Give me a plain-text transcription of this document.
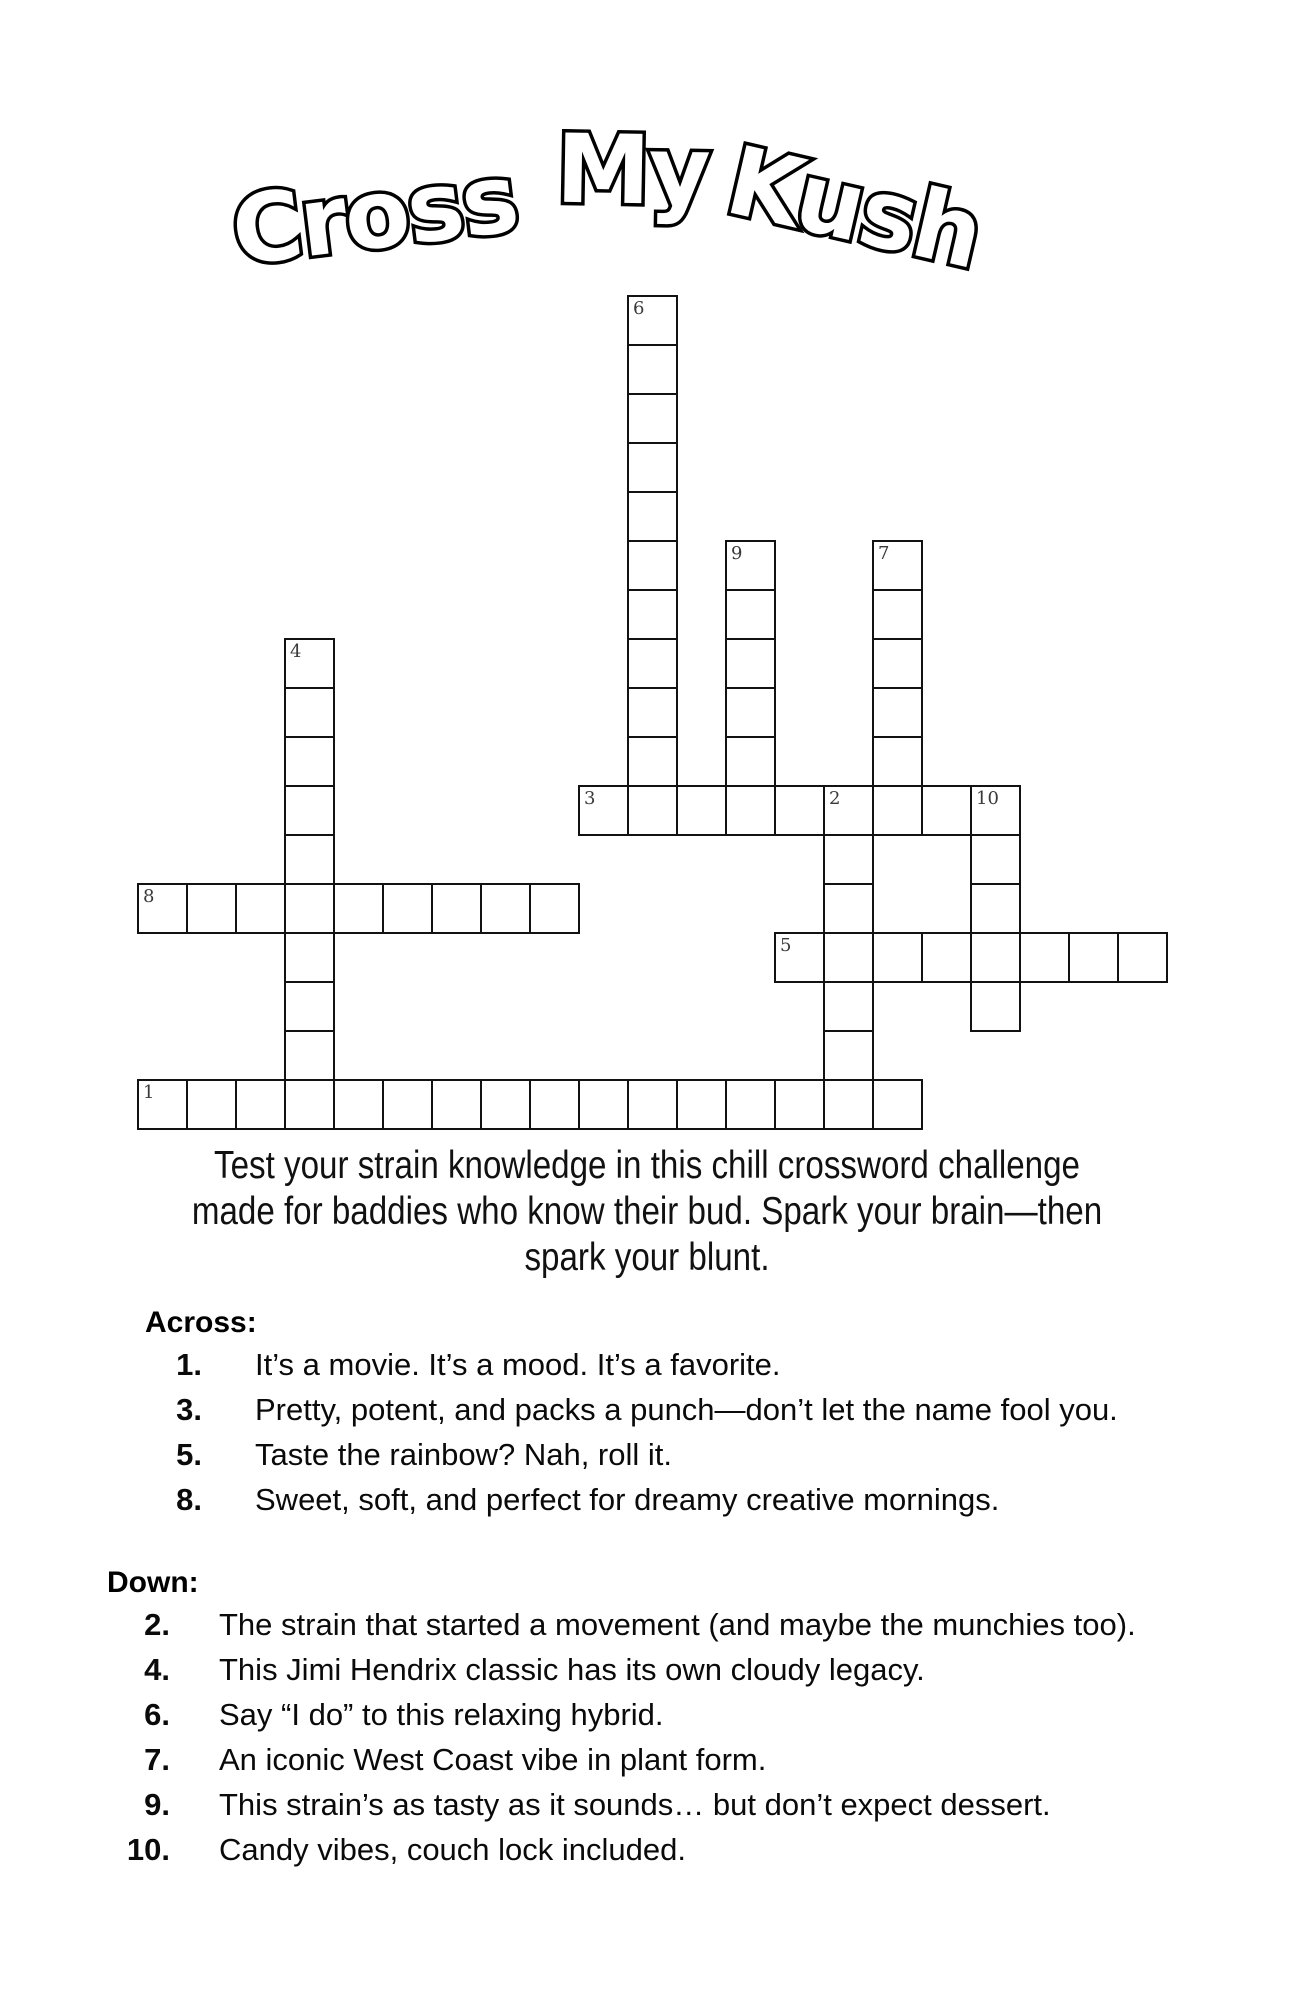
Cross My Kush
6
9	7
4
3	2	10
8
5
1
Test your strain knowledge in this chill crossword challenge
made for baddies who know their bud. Spark your brain—then
spark your blunt.
Across:
1. It’s a movie. It’s a mood. It’s a favorite.
3. Pretty, potent, and packs a punch—don’t let the name fool you.
5. Taste the rainbow? Nah, roll it.
8. Sweet, soft, and perfect for dreamy creative mornings.
Down:
2. The strain that started a movement (and maybe the munchies too).
4. This Jimi Hendrix classic has its own cloudy legacy.
6. Say “I do” to this relaxing hybrid.
7. An iconic West Coast vibe in plant form.
9. This strain’s as tasty as it sounds… but don’t expect dessert.
10. Candy vibes, couch lock included.
